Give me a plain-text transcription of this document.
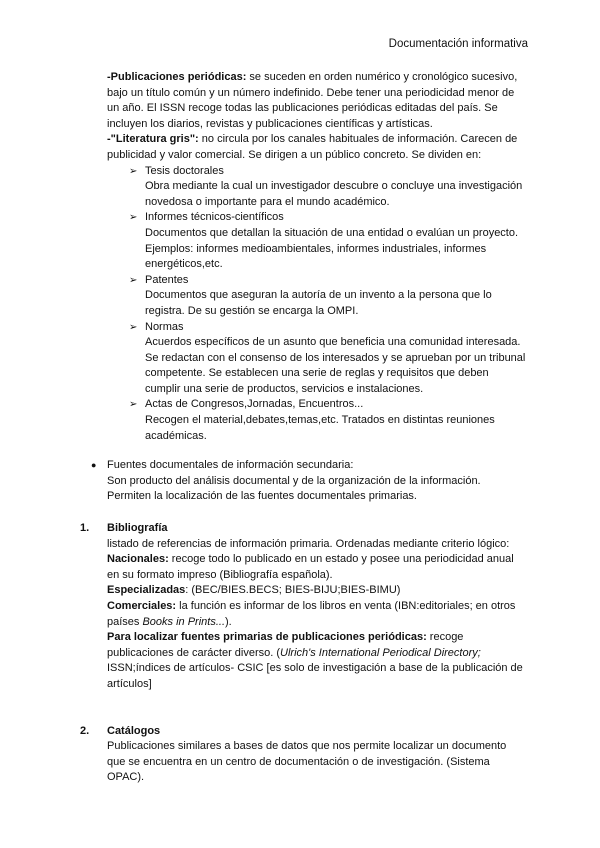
Documentación informativa

-Publicaciones periódicas: se suceden en orden numérico y cronológico sucesivo, bajo un título común y un número indefinido. Debe tener una periodicidad menor de un año. El ISSN recoge todas las publicaciones periódicas editadas del país. Se incluyen los diarios, revistas y publicaciones científicas y artísticas.

-"Literatura gris": no circula por los canales habituales de información. Carecen de publicidad y valor comercial. Se dirigen a un público concreto. Se dividen en:

➢ Tesis doctorales

Obra mediante la cual un investigador descubre o concluye una investigación novedosa o importante para el mundo académico.

➢ Informes técnicos-científicos

Documentos que detallan la situación de una entidad o evalúan un proyecto. Ejemplos: informes medioambientales, informes industriales, informes energéticos,etc.

➢ Patentes

Documentos que aseguran la autoría de un invento a la persona que lo registra. De su gestión se encarga la OMPI.

➢ Normas

Acuerdos específicos de un asunto que beneficia una comunidad interesada. Se redactan con el consenso de los interesados y se aprueban por un tribunal competente. Se establecen una serie de reglas y requisitos que deben cumplir una serie de productos, servicios e instalaciones.

➢ Actas de Congresos,Jornadas, Encuentros...

Recogen el material,debates,temas,etc. Tratados en distintas reuniones académicas.

● Fuentes documentales de información secundaria:

Son producto del análisis documental y de la organización de la información. Permiten la localización de las fuentes documentales primarias.

1. Bibliografía

listado de referencias de información primaria. Ordenadas mediante criterio lógico:

Nacionales: recoge todo lo publicado en un estado y posee una periodicidad anual en su formato impreso (Bibliografía española).

Especializadas: (BEC/BIES.BECS; BIES-BIJU;BIES-BIMU)

Comerciales: la función es informar de los libros en venta (IBN:editoriales; en otros países Books in Prints...).

Para localizar fuentes primarias de publicaciones periódicas: recoge publicaciones de carácter diverso. (Ulrich's International Periodical Directory; ISSN;índices de artículos- CSIC [es solo de investigación a base de la publicación de artículos]

2. Catálogos

Publicaciones similares a bases de datos que nos permite localizar un documento que se encuentra en un centro de documentación o de investigación. (Sistema OPAC).
